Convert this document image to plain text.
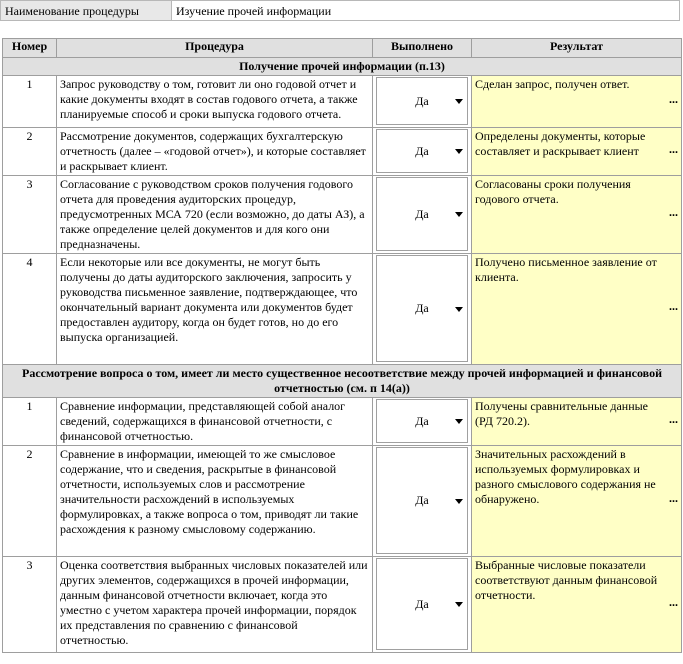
Наименование процедуры	Изучение прочей информации
Номер	Процедура	Выполнено	Результат
Получение прочей информации (п.13)			
1	Запрос руководству о том, готовит ли оно годовой отчет и какие документы входят в состав годового отчета, а также планируемые способ и сроки выпуска годового отчета.	Да	Сделан запрос, получен ответ.
...

2	Рассмотрение документов, содержащих бухгалтерскую отчетность (далее – «годовой отчет»), и которые составляет и раскрывает клиент.	Да	Определены документы, которые составляет и раскрывает клиент ...

3	Согласование с руководством сроков получения годового отчета для проведения аудиторских процедур, предусмотренных МСА 720 (если возможно, до даты АЗ), а также определение целей документов и для кого они предназначены.	Да	Согласованы сроки получения годового отчета.
...

4	Если некоторые или все документы, не могут быть получены до даты аудиторского заключения, запросить у руководства письменное заявление, подтверждающее, что окончательный вариант документа или документов будет предоставлен аудитору, когда он будет готов, но до его выпуска организацией.	Да	Получено письменное заявление от клиента.
...

Рассмотрение вопроса о том, имеет ли место существенное несоответствие между прочей информацией и финансовой отчетностью (см. п 14(a))			
1	Сравнение информации, представляющей собой аналог сведений, содержащихся в финансовой отчетности, с финансовой отчетностью.	Да	Получены сравнительные данные (РД 720.2). ...

2	Сравнение в информации, имеющей то же смысловое содержание, что и сведения, раскрытые в финансовой отчетности, используемых слов и рассмотрение значительности расхождений в используемых формулировках, а также вопроса о том, приводят ли такие расхождения к разному смысловому содержанию.	Да	Значительных расхождений в используемых формулировках и разного смыслового содержания не обнаружено. ...

3	Оценка соответствия выбранных числовых показателей или других элементов, содержащихся в прочей информации, данным финансовой отчетности включает, когда это уместно с учетом характера прочей информации, порядок их представления по сравнению с финансовой отчетностью.	Да	Выбранные числовые показатели соответствуют данным финансовой отчетности. ...
